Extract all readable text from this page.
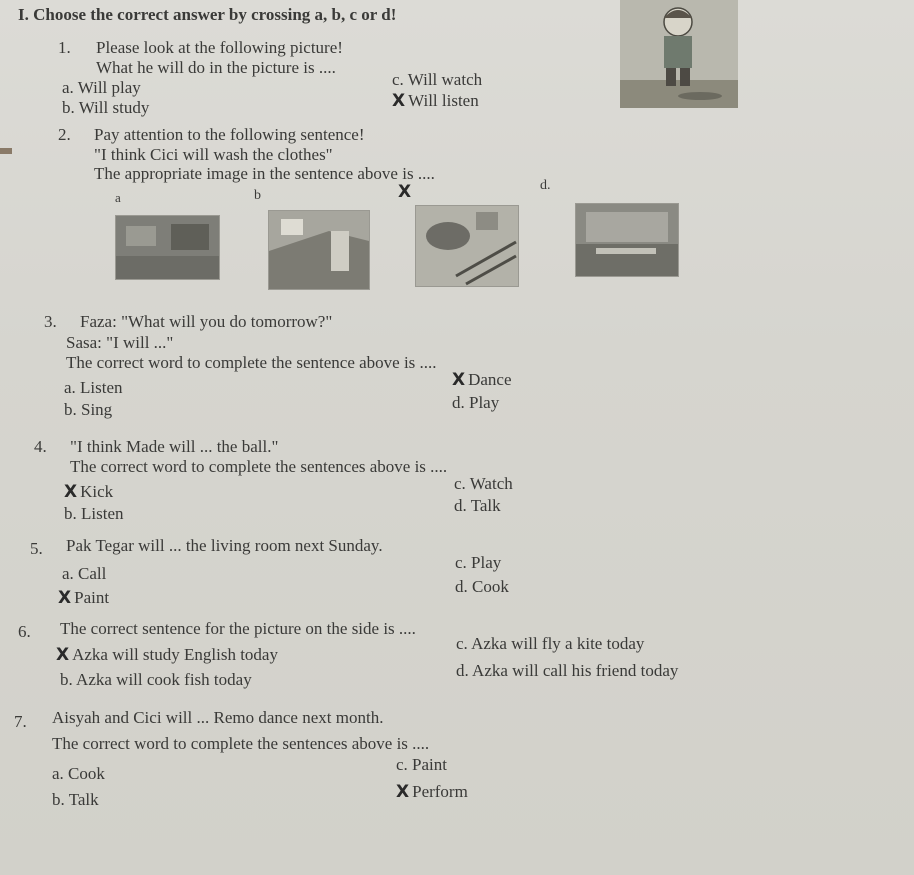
I. Choose the correct answer by crossing a, b, c or d!
1. Please look at the following picture!
What he will do in the picture is ....
a. Will play
b. Will study
c. Will watch
X Will listen
2. Pay attention to the following sentence!
"I think Cici will wash the clothes"
The appropriate image in the sentence above is ....
a	b	X	d.
3. Faza: "What will you do tomorrow?"
Sasa: "I will ..."
The correct word to complete the sentence above is ....
a. Listen
b. Sing
X Dance
d. Play
4. "I think Made will ... the ball."
The correct word to complete the sentences above is ....
X Kick
b. Listen
c. Watch
d. Talk
5. Pak Tegar will ... the living room next Sunday.
a. Call
X Paint
c. Play
d. Cook
6. The correct sentence for the picture on the side is ....
X Azka will study English today
b. Azka will cook fish today
c. Azka will fly a kite today
d. Azka will call his friend today
7. Aisyah and Cici will ... Remo dance next month.
The correct word to complete the sentences above is ....
a. Cook
b. Talk
c. Paint
X Perform
